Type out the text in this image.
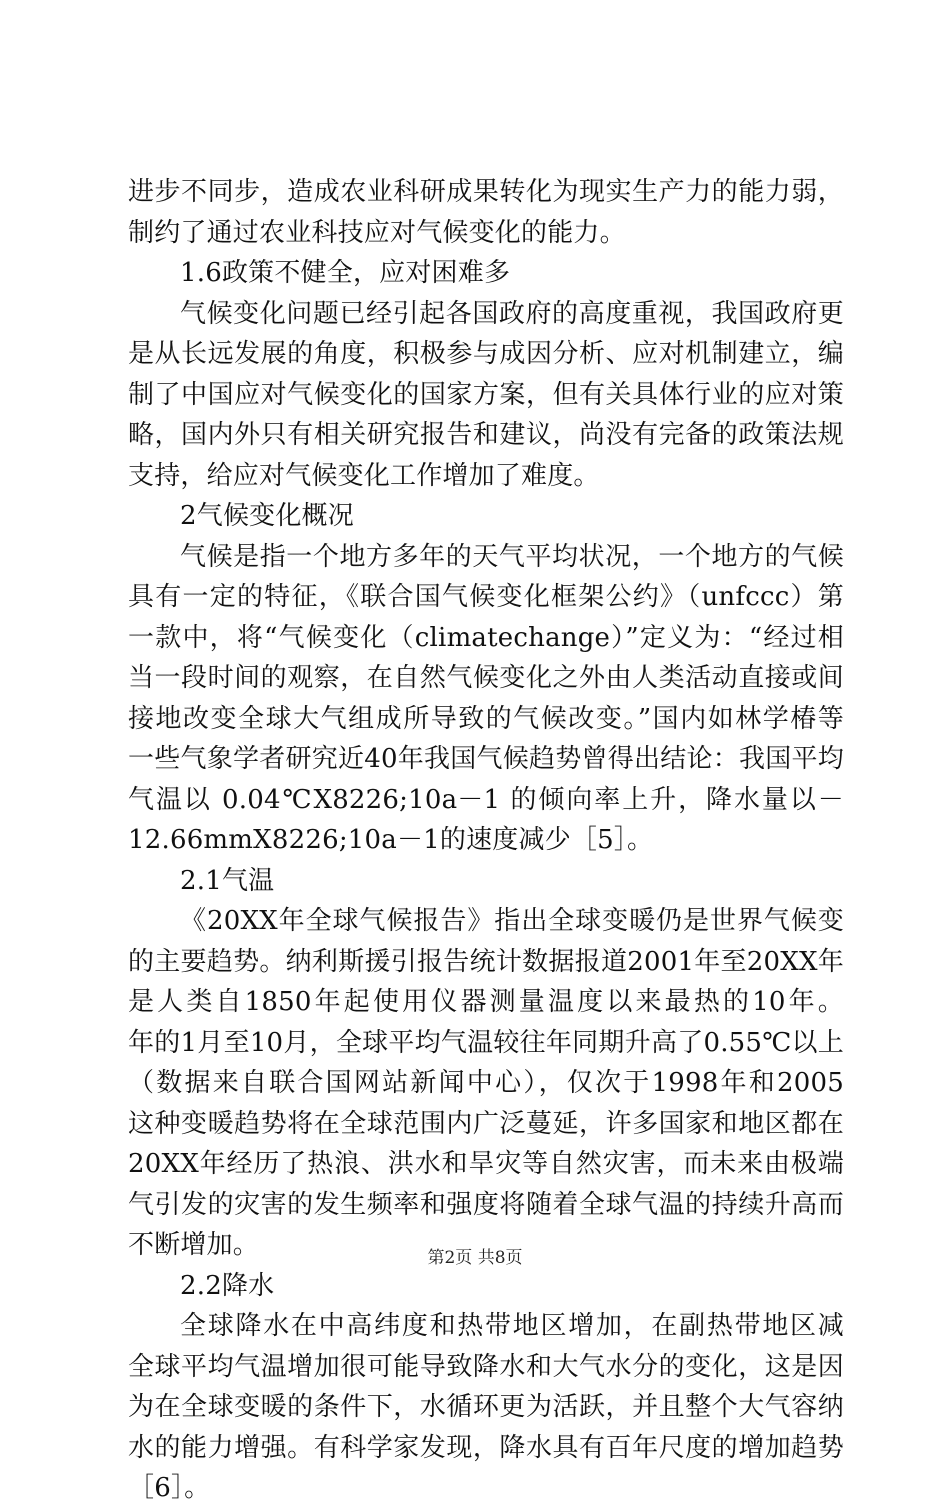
进步不同步，造成农业科研成果转化为现实生产力的能力弱，
制约了通过农业科技应对气候变化的能力。
1.6政策不健全，应对困难多
气候变化问题已经引起各国政府的高度重视，我国政府更
是从长远发展的角度，积极参与成因分析、应对机制建立，编
制了中国应对气候变化的国家方案，但有关具体行业的应对策
略，国内外只有相关研究报告和建议，尚没有完备的政策法规
支持，给应对气候变化工作增加了难度。
2气候变化概况
气候是指一个地方多年的天气平均状况，一个地方的气候
具有一定的特征，《联合国气候变化框架公约》（unfccc）第
一款中，将“气候变化（climatechange）”定义为：“经过相
当一段时间的观察，在自然气候变化之外由人类活动直接或间
接地改变全球大气组成所导致的气候改变。”国内如林学椿等
一些气象学者研究近40年我国气候趋势曾得出结论：我国平均
气温以 0.04℃X8226;10a－1 的倾向率上升，降水量以－
12.66mmX8226;10a－1的速度减少［5］。
2.1气温
《20XX年全球气候报告》指出全球变暖仍是世界气候变
的主要趋势。纳利斯援引报告统计数据报道2001年至20XX年
是人类自1850年起使用仪器测量温度以来最热的10年。
年的1月至10月，全球平均气温较往年同期升高了0.55℃以上
（数据来自联合国网站新闻中心），仅次于1998年和2005
这种变暖趋势将在全球范围内广泛蔓延，许多国家和地区都在
20XX年经历了热浪、洪水和旱灾等自然灾害，而未来由极端
气引发的灾害的发生频率和强度将随着全球气温的持续升高而
不断增加。
2.2降水
全球降水在中高纬度和热带地区增加，在副热带地区减
全球平均气温增加很可能导致降水和大气水分的变化，这是因
为在全球变暖的条件下，水循环更为活跃，并且整个大气容纳
水的能力增强。有科学家发现，降水具有百年尺度的增加趋势
［6］。
第2页 共8页
